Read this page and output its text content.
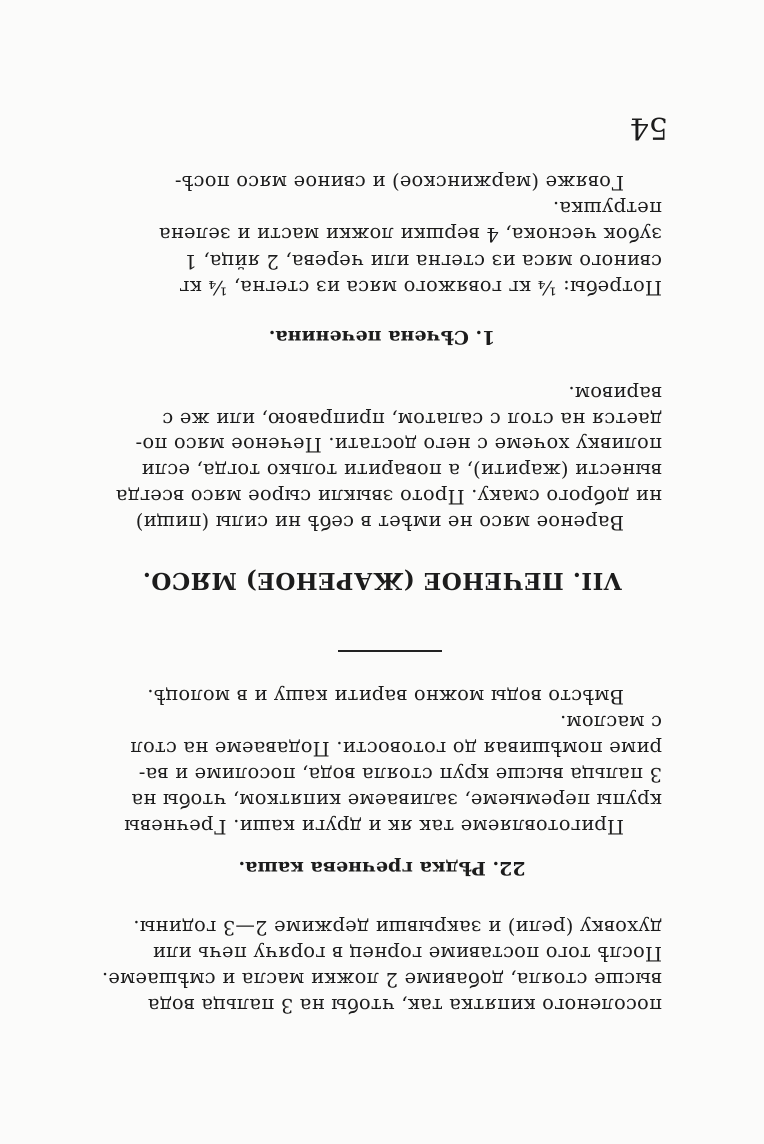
54
1. Сѣчена печенина.
Потребы: ¼ кг говяжого мяса из стегна, ¼ кг
свиного мяса из стегна или черева, 2 яйца, 1
зубок чеснока, 4 вершки ложки масти и зелена
петрушка.
Говяже (маржинское) и свиное мясо посѣ-
VII. ПЕЧЕНОЕ (ЖАРЕНОЕ) МЯСО.
Вареное мясо не имѣет в себѣ ни силы (пищи)
ни доброго смаку. Прото звыкли сырое мясо всегда
вынести (жарити), а поварити только тогда, если
поливку хочеме с него достати. Печеное мясо по-
дается на стол с салатом, приправою, или же с
варивом.
22. Рѣдка гречнева каша.
Приготовляеме так як и други каши. Гречневы
крупы перемыеме, заливаеме кипятком, чтобы на
3 пальца высше круп стояла вода, посолиме и ва-
риме помѣшивая до готовости. Подаваеме на стол
с маслом.
Вмѣсто воды можно варити кашу и в молоцѣ.
посоленого кипятка так, чтобы на 3 пальца вода
высше стояла, добавиме 2 ложки масла и смѣшаеме.
Послѣ того поставиме горнец в горячу печь или
духовку (рели) и закрывши держиме 2—3 годины.
